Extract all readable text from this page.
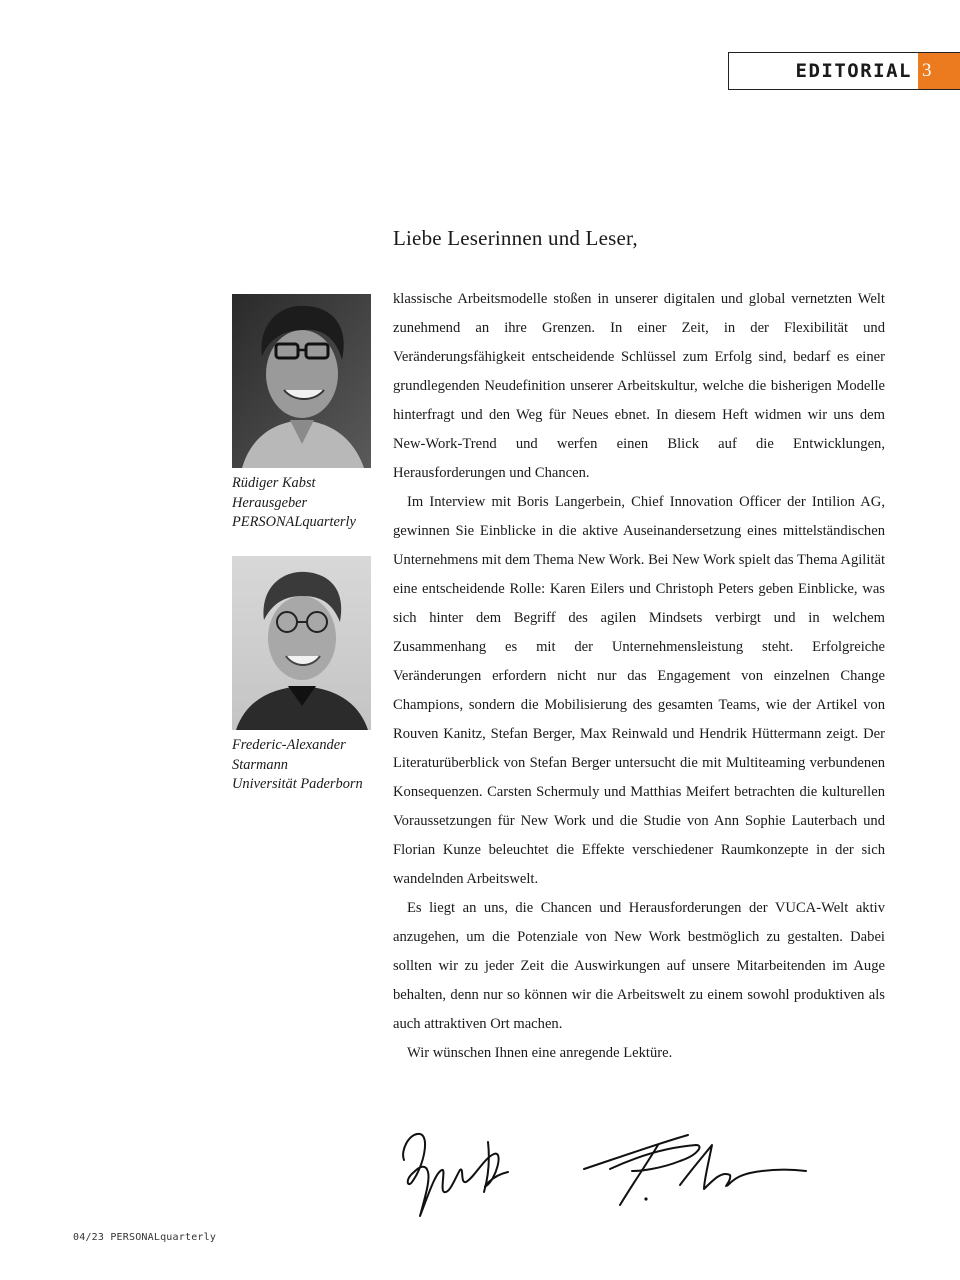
EDITORIAL 3
Liebe Leserinnen und Leser,

klassische Arbeitsmodelle stoßen in unserer digitalen und global vernetzten Welt zunehmend an ihre Grenzen. In einer Zeit, in der Flexibilität und Veränderungsfähigkeit entscheidende Schlüssel zum Erfolg sind, bedarf es einer grundlegenden Neudefinition unserer Arbeitskultur, welche die bisherigen Modelle hinterfragt und den Weg für Neues ebnet. In diesem Heft widmen wir uns dem New-Work-Trend und werfen einen Blick auf die Entwicklungen, Herausforderungen und Chancen.

Im Interview mit Boris Langerbein, Chief Innovation Officer der Intilion AG, gewinnen Sie Einblicke in die aktive Auseinandersetzung eines mittelständischen Unternehmens mit dem Thema New Work. Bei New Work spielt das Thema Agilität eine entscheidende Rolle: Karen Eilers und Christoph Peters geben Einblicke, was sich hinter dem Begriff des agilen Mindsets verbirgt und in welchem Zusammenhang es mit der Unternehmensleistung steht. Erfolgreiche Veränderungen erfordern nicht nur das Engagement von einzelnen Change Champions, sondern die Mobilisierung des gesamten Teams, wie der Artikel von Rouven Kanitz, Stefan Berger, Max Reinwald und Hendrik Hüttermann zeigt. Der Literaturüberblick von Stefan Berger untersucht die mit Multiteaming verbundenen Konsequenzen. Carsten Schermuly und Matthias Meifert betrachten die kulturellen Voraussetzungen für New Work und die Studie von Ann Sophie Lauterbach und Florian Kunze beleuchtet die Effekte verschiedener Raumkonzepte in der sich wandelnden Arbeitswelt.

Es liegt an uns, die Chancen und Herausforderungen der VUCA-Welt aktiv anzugehen, um die Potenziale von New Work bestmöglich zu gestalten. Dabei sollten wir zu jeder Zeit die Auswirkungen auf unsere Mitarbeitenden im Auge behalten, denn nur so können wir die Arbeitswelt zu einem sowohl produktiven als auch attraktiven Ort machen.

Wir wünschen Ihnen eine anregende Lektüre.

Rüdiger Kabst
Herausgeber
PERSONALquarterly
Frederic-Alexander
Starmann
Universität Paderborn
04/23 PERSONALquarterly
